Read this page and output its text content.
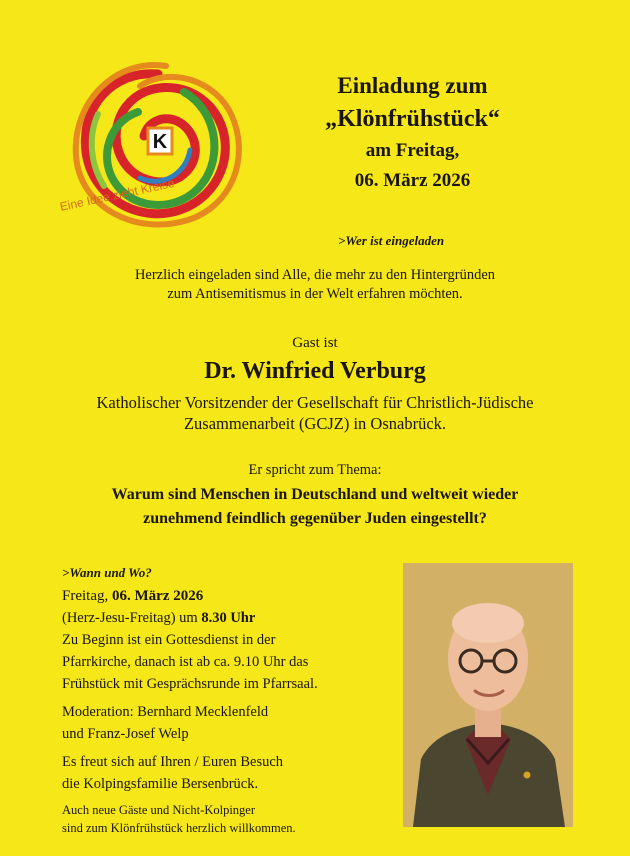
K
Eine Idee zieht Kreise
Einladung zum
„Klönfrühstück“
am Freitag,
06. März 2026
>Wer ist eingeladen
Herzlich eingeladen sind Alle, die mehr zu den Hintergründen
zum Antisemitismus in der Welt erfahren möchten.
Gast ist
Dr. Winfried Verburg
Katholischer Vorsitzender der Gesellschaft für Christlich-Jüdische
Zusammenarbeit (GCJZ) in Osnabrück.
Er spricht zum Thema:
Warum sind Menschen in Deutschland und weltweit wieder
zunehmend feindlich gegenüber Juden eingestellt?
>Wann und Wo?

Freitag, 06. März 2026

(Herz-Jesu-Freitag) um 8.30 Uhr

Zu Beginn ist ein Gottesdienst in der

Pfarrkirche, danach ist ab ca. 9.10 Uhr das

Frühstück mit Gesprächsrunde im Pfarrsaal.

Moderation: Bernhard Mecklenfeld

und Franz-Josef Welp

Es freut sich auf Ihren / Euren Besuch

die Kolpingsfamilie Bersenbrück.

Auch neue Gäste und Nicht-Kolpinger

sind zum Klönfrühstück herzlich willkommen.
